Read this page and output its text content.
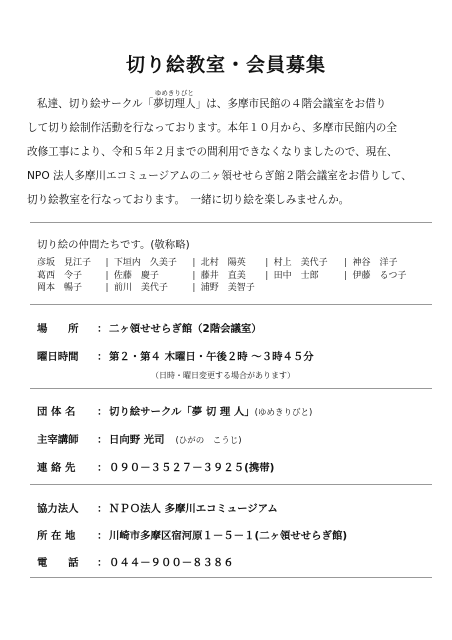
切り絵教室・会員募集
私達、切り絵サークル「
ゆめきりびと
夢切理人」は、多摩市民館の４階会議室をお借り
して切り絵制作活動を行なっております。本年１０月から、多摩市民館内の全
改修工事により、令和５年２月までの間利用できなくなりましたので、現在、
NPO 法人多摩川エコミュージアムの二ヶ領せせらぎ館２階会議室をお借りして、
切り絵教室を行なっております。　一緒に切り絵を楽しみませんか。
切り絵の仲間たちです。(敬称略)
彦坂　見江子 | 下垣内　久美子 | 北村　陽英 | 村上　美代子 | 神谷　洋子
葛西　令子	| 佐藤　慶子	| 藤井　直美 | 田中　士郎	| 伊藤　るつ子
岡本　暢子	| 前川　美代子	| 浦野　美智子
場　　所 ： 二ヶ領せせらぎ館（2階会議室）
曜日時間 ： 第２・第４ 木曜日・午後２時 ～３時４５分
（日時・曜日変更する場合があります）
団 体 名 ： 切り絵サークル「夢 切 理 人」(ゆめきりびと)
主宰講師 ： 日向野 光司 (ひがの　こうじ)
連 絡 先 ： ０９０－３５２７－３９２５(携帯)
協力法人 ： ＮＰＯ法人 多摩川エコミュージアム
所 在 地 ： 川崎市多摩区宿河原１－５－１(二ヶ領せせらぎ館)
電　　話 ： ０４４－９００－８３８６
